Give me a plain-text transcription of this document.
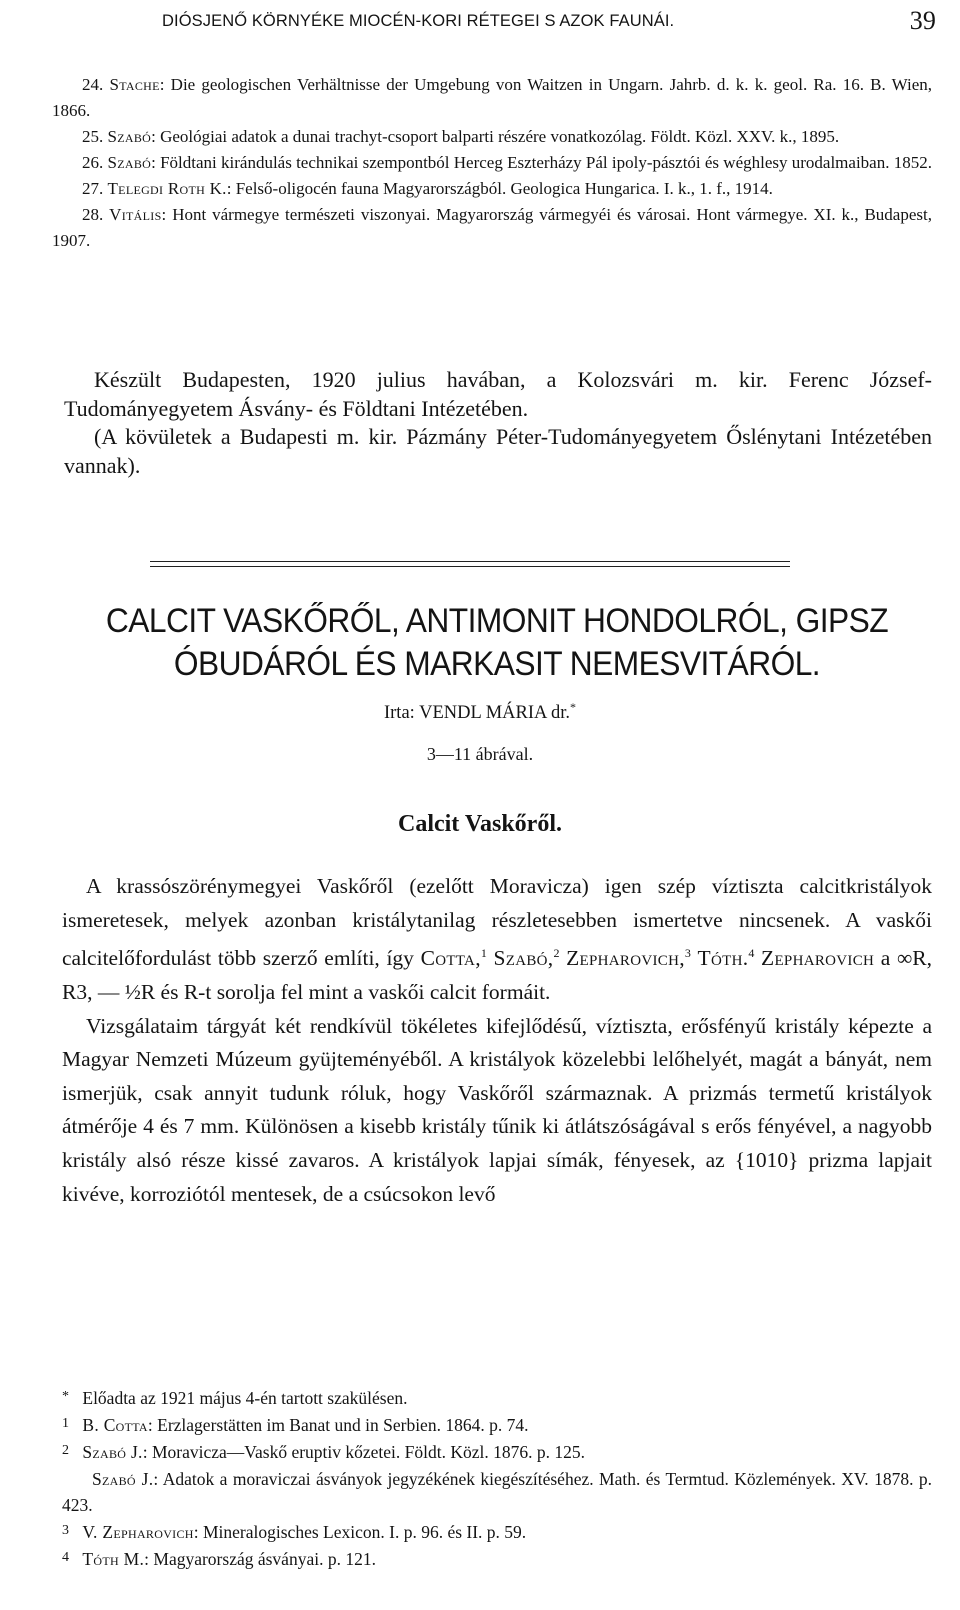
DIÓSJENŐ KÖRNYÉKE MIOCÉN-KORI RÉTEGEI S AZOK FAUNÁI.	39

24. Stache: Die geologischen Verhältnisse der Umgebung von Waitzen in Ungarn. Jahrb. d. k. k. geol. Ra. 16. B. Wien, 1866.

25. Szabó: Geológiai adatok a dunai trachyt-csoport balparti részére vonatkozólag. Földt. Közl. XXV. k., 1895.

26. Szabó: Földtani kirándulás technikai szempontból Herceg Eszterházy Pál ipoly-pásztói és wéghlesy urodalmaiban. 1852.

27. Telegdi Roth K.: Felső-oligocén fauna Magyarországból. Geologica Hungarica. I. k., 1. f., 1914.

28. Vitális: Hont vármegye természeti viszonyai. Magyarország vármegyéi és városai. Hont vármegye. XI. k., Budapest, 1907.

Készült Budapesten, 1920 julius havában, a Kolozsvári m. kir. Ferenc József-Tudományegyetem Ásvány- és Földtani Intézetében.

(A kövületek a Budapesti m. kir. Pázmány Péter-Tudományegyetem Őslénytani Intézetében vannak).

CALCIT VASKŐRŐL, ANTIMONIT HONDOLRÓL, GIPSZ
ÓBUDÁRÓL ÉS MARKASIT NEMESVITÁRÓL.
Irta: VENDL MÁRIA dr.*
3—11 ábrával.
Calcit Vaskőről.

A krassószörénymegyei Vaskőről (ezelőtt Moravicza) igen szép víztiszta calcitkristályok ismeretesek, melyek azonban kristálytanilag részletesebben ismertetve nincsenek. A vaskői calcitelőfordulást több szerző említi, így Cotta,$^1$ Szabó,$^2$ Zepharovich,$^3$ Tóth.$^4$ Zepharovich a ∞R, R3, — ½R és R-t sorolja fel mint a vaskői calcit formáit.

Vizsgálataim tárgyát két rendkívül tökéletes kifejlődésű, víztiszta, erősfényű kristály képezte a Magyar Nemzeti Múzeum gyüjteményéből. A kristályok közelebbi lelőhelyét, magát a bányát, nem ismerjük, csak annyit tudunk róluk, hogy Vaskőről származnak. A prizmás termetű kristályok átmérője 4 és 7 mm. Különösen a kisebb kristály tűnik ki átlátszóságával s erős fényével, a nagyobb kristály alsó része kissé zavaros. A kristályok lapjai símák, fényesek, az {1010} prizma lapjait kivéve, korroziótól mentesek, de a csúcsokon levő

* Előadta az 1921 május 4-én tartott szakülésen.

1 B. Cotta: Erzlagerstätten im Banat und in Serbien. 1864. p. 74.

2 Szabó J.: Moravicza—Vaskő eruptiv kőzetei. Földt. Közl. 1876. p. 125.

Szabó J.: Adatok a moraviczai ásványok jegyzékének kiegészítéséhez. Math. és Termtud. Közlemények. XV. 1878. p. 423.

3 V. Zepharovich: Mineralogisches Lexicon. I. p. 96. és II. p. 59.

4 Tóth M.: Magyarország ásványai. p. 121.
